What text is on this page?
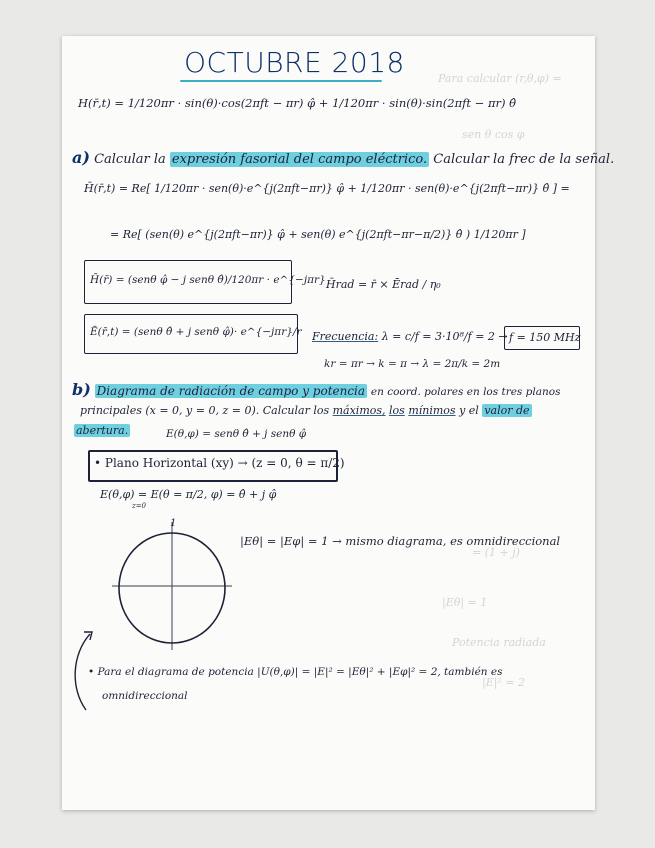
Para calcular (r,θ,φ) =
sen θ cos φ
= (1 + j)
|Eθ| = 1
Potencia radiada
|E|² = 2
OCTUBRE 2018
H(r̄,t) = 1/120πr · sin(θ)·cos(2πft − πr) φ̂ + 1/120πr · sin(θ)·sin(2πft − πr) θ̂
a) Calcular la expresión fasorial del campo eléctrico. Calcular la frec de la señal.
H̄(r̄,t) = Re[ 1/120πr · sen(θ)·e^{j(2πft−πr)} φ̂ + 1/120πr · sen(θ)·e^{j(2πft−πr)} θ̂ ] =
= Re[ (sen(θ) e^{j(2πft−πr)} φ̂ + sen(θ) e^{j(2πft−πr−π/2)} θ̂ ) 1/120πr ]
H̄(r̄) = (senθ φ̂ − j senθ θ̂)/120πr · e^{−jπr} H̄rad = r̄ × Ērad / η₀
Ē(r̄,t) = (senθ θ̂ + j senθ φ̂)· e^{−jπr}/r Frecuencia: λ = c/f = 3·10⁸/f = 2 → f = 150 MHz
kr = πr → k = π → λ = 2π/k = 2m
b) Diagrama de radiación de campo y potencia en coord. polares en los tres planos
principales (x = 0, y = 0, z = 0). Calcular los máximos, los mínimos y el valor de
abertura.	E(θ,φ) = senθ θ̂ + j senθ φ̂
• Plano Horizontal (xy) → (z = 0, θ = π/2)
E(θ,φ) = E(θ = π/2, φ) = θ̂ + j φ̂
z=0
|Eθ| = |Eφ| = 1 → mismo diagrama, es omnidireccional
1
• Para el diagrama de potencia |U(θ,φ)| = |E|² = |Eθ|² + |Eφ|² = 2, también es
omnidireccional
